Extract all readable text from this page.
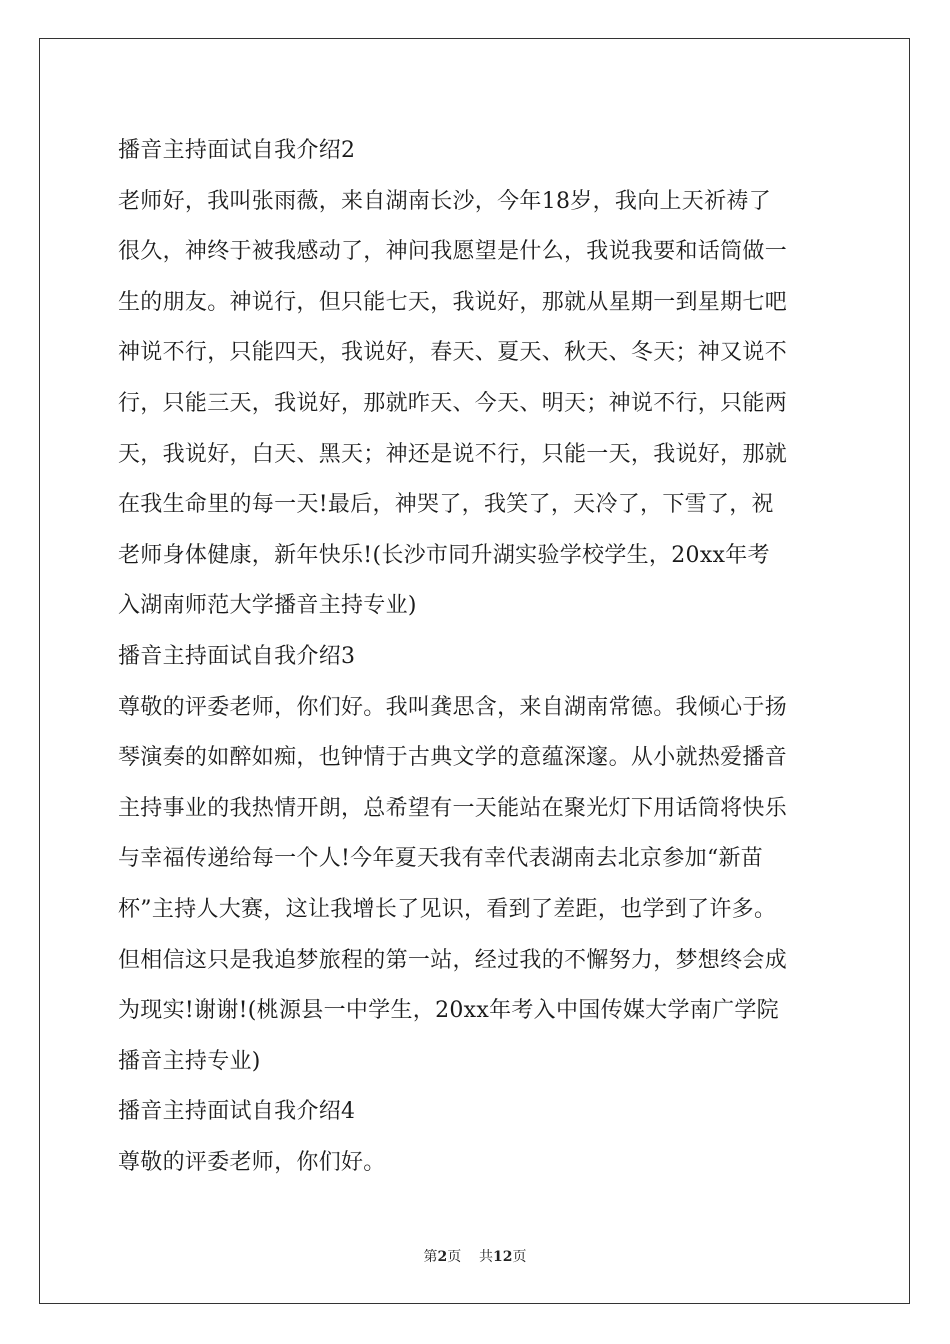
播音主持面试自我介绍2
老师好，我叫张雨薇，来自湖南长沙，今年18岁，我向上天祈祷了
很久，神终于被我感动了，神问我愿望是什么，我说我要和话筒做一
生的朋友。神说行，但只能七天，我说好，那就从星期一到星期七吧
神说不行，只能四天，我说好，春天、夏天、秋天、冬天；神又说不
行，只能三天，我说好，那就昨天、今天、明天；神说不行，只能两
天，我说好，白天、黑天；神还是说不行，只能一天，我说好，那就
在我生命里的每一天!最后，神哭了，我笑了，天冷了，下雪了，祝
老师身体健康，新年快乐!(长沙市同升湖实验学校学生，20xx年考
入湖南师范大学播音主持专业)
播音主持面试自我介绍3
尊敬的评委老师，你们好。我叫龚思含，来自湖南常德。我倾心于扬
琴演奏的如醉如痴，也钟情于古典文学的意蕴深邃。从小就热爱播音
主持事业的我热情开朗，总希望有一天能站在聚光灯下用话筒将快乐
与幸福传递给每一个人!今年夏天我有幸代表湖南去北京参加“新苗
杯”主持人大赛，这让我增长了见识，看到了差距，也学到了许多。
但相信这只是我追梦旅程的第一站，经过我的不懈努力，梦想终会成
为现实!谢谢!(桃源县一中学生，20xx年考入中国传媒大学南广学院
播音主持专业)
播音主持面试自我介绍4
尊敬的评委老师，你们好。
第2页 共12页
